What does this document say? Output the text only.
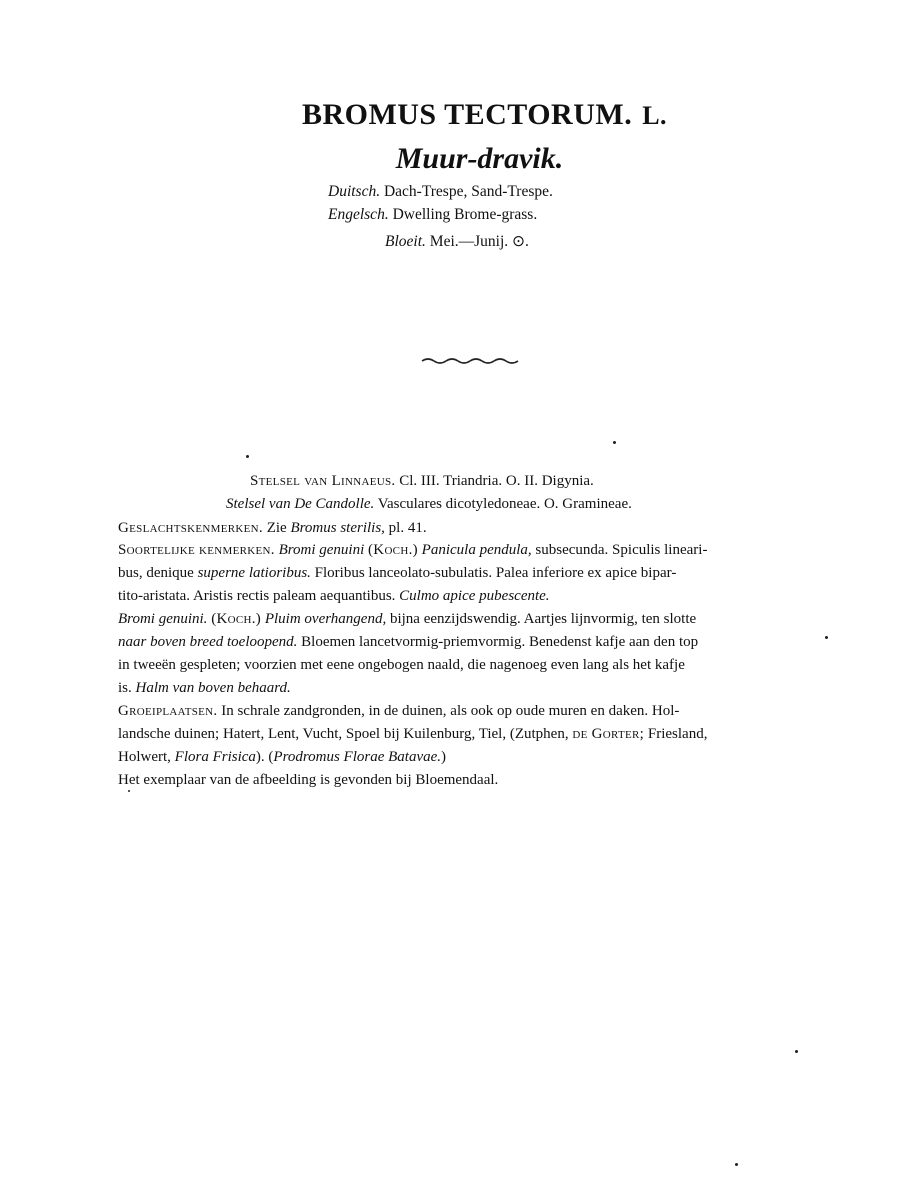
BROMUS TECTORUM. L.
Muur-dravik.
Duitsch. Dach-Trespe, Sand-Trespe.
Engelsch. Dwelling Brome-grass.
Bloeit. Mei.—Junij. ⊙.
Stelsel van Linnaeus. Cl. III. Triandria. O. II. Digynia.
Stelsel van De Candolle. Vasculares dicotyledoneae. O. Gramineae.
Geslachtskenmerken. Zie Bromus sterilis, pl. 41.
Soortelijke kenmerken. Bromi genuini (Koch.) Panicula pendula, subsecunda. Spiculis lineari-
bus, denique superne latioribus. Floribus lanceolato-subulatis. Palea inferiore ex apice bipar-
tito-aristata. Aristis rectis paleam aequantibus. Culmo apice pubescente.
Bromi genuini. (Koch.) Pluim overhangend, bijna eenzijdswendig. Aartjes lijnvormig, ten slotte
naar boven breed toeloopend. Bloemen lancetvormig-priemvormig. Benedenst kafje aan den top
in tweeën gespleten; voorzien met eene ongebogen naald, die nagenoeg even lang als het kafje
is. Halm van boven behaard.
Groeiplaatsen. In schrale zandgronden, in de duinen, als ook op oude muren en daken. Hol-
landsche duinen; Hatert, Lent, Vucht, Spoel bij Kuilenburg, Tiel, (Zutphen, de Gorter; Friesland,
Holwert, Flora Frisica). (Prodromus Florae Batavae.)
Het exemplaar van de afbeelding is gevonden bij Bloemendaal.
